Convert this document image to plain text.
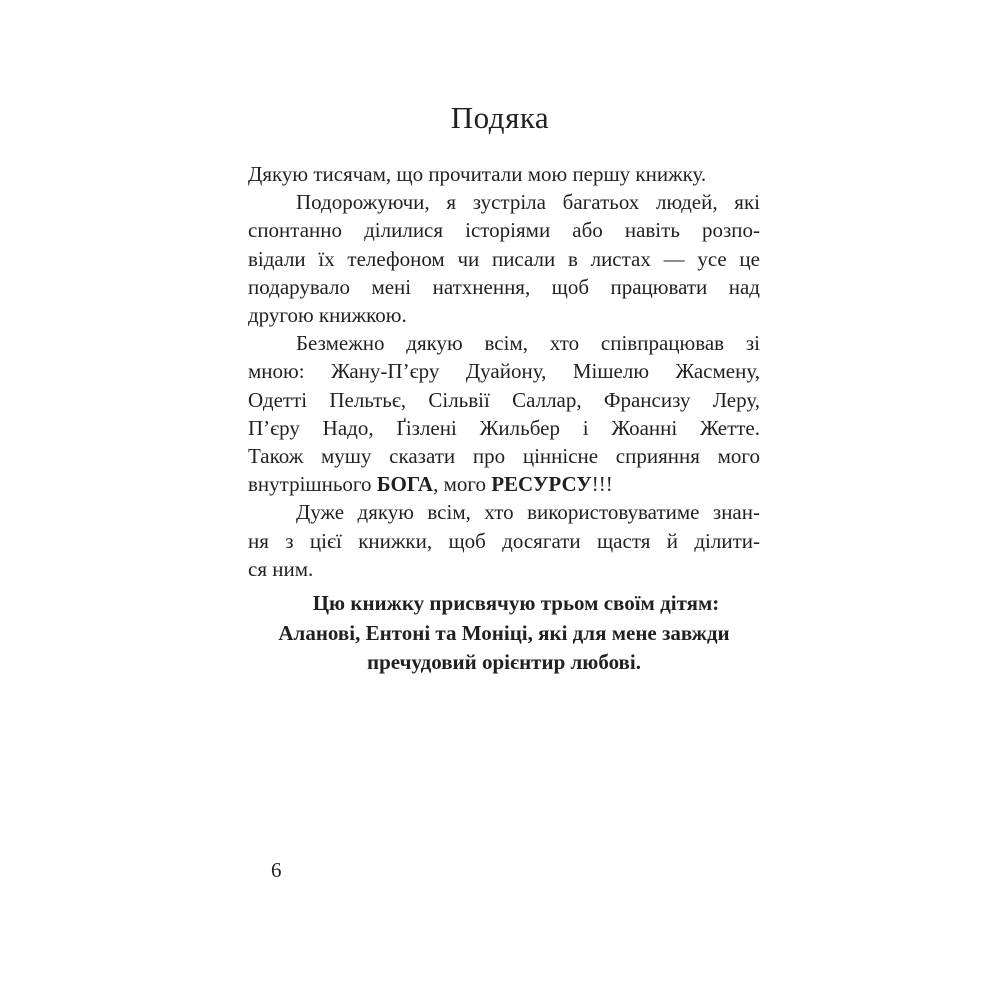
Подяка

Дякую тисячам, що прочитали мою першу книжку.

Подорожуючи, я зустріла багатьох людей, які
спонтанно ділилися історіями або навіть розпо-
відали їх телефоном чи писали в листах — усе це
подарувало мені натхнення, щоб працювати над
другою книжкою.

Безмежно дякую всім, хто співпрацював зі
мною: Жану-П’єру Дуайону, Мішелю Жасмену,
Одетті Пельтьє, Сільвії Саллар, Франсизу Леру,
П’єру Надо, Ґізлені Жильбер і Жоанні Жетте.
Також мушу сказати про ціннісне сприяння мого
внутрішнього БОГА, мого РЕСУРСУ!!!

Дуже дякую всім, хто використовуватиме знан-
ня з цієї книжки, щоб досягати щастя й ділити-
ся ним.

Цю книжку присвячую трьом своїм дітям:
Аланові, Ентоні та Моніці, які для мене завжди
пречудовий орієнтир любові.
6
